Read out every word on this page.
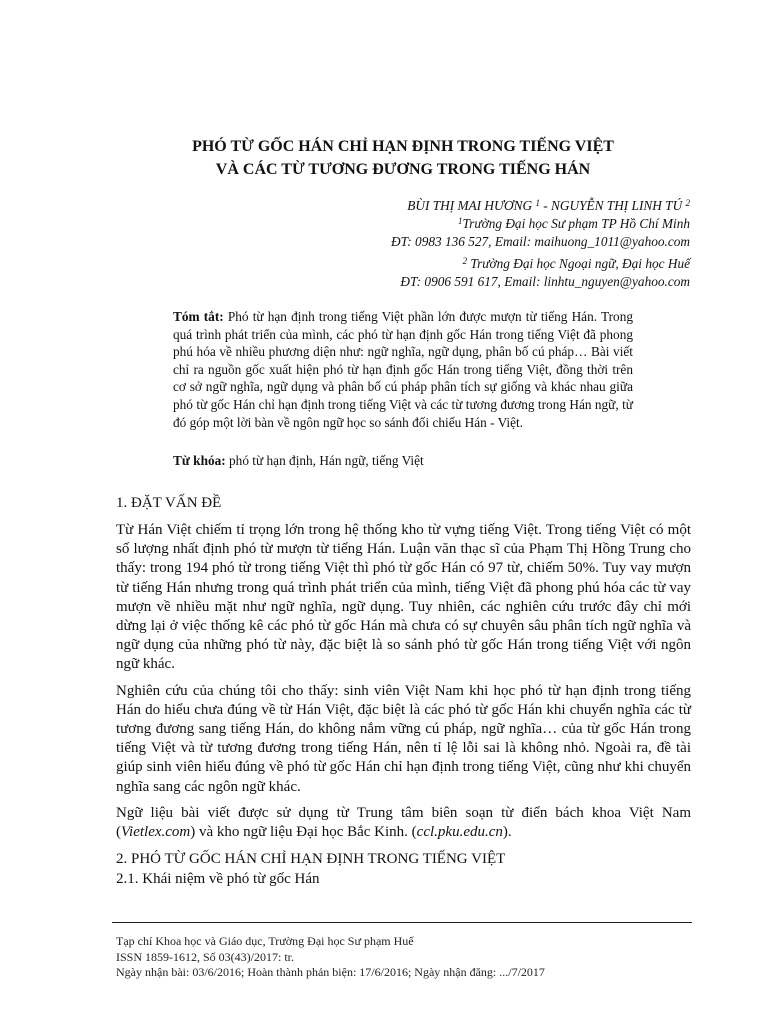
PHÓ TỪ GỐC HÁN CHỈ HẠN ĐỊNH TRONG TIẾNG VIỆT
VÀ CÁC TỪ TƯƠNG ĐƯƠNG TRONG TIẾNG HÁN
BÙI THỊ MAI HƯƠNG $^1$ - NGUYỄN THỊ LINH TÚ $^2$
$^1$Trường Đại học Sư phạm TP Hồ Chí Minh
ĐT: 0983 136 527, Email: maihuong_1011@yahoo.com
$^2$ Trường Đại học Ngoại ngữ, Đại học Huế
ĐT: 0906 591 617, Email: linhtu_nguyen@yahoo.com

Tóm tắt: Phó từ hạn định trong tiếng Việt phần lớn được mượn từ tiếng Hán. Trong quá trình phát triển của mình, các phó từ hạn định gốc Hán trong tiếng Việt đã phong phú hóa về nhiều phương diện như: ngữ nghĩa, ngữ dụng, phân bố cú pháp… Bài viết chỉ ra nguồn gốc xuất hiện phó từ hạn định gốc Hán trong tiếng Việt, đồng thời trên cơ sở ngữ nghĩa, ngữ dụng và phân bố cú pháp phân tích sự giống và khác nhau giữa phó từ gốc Hán chỉ hạn định trong tiếng Việt và các từ tương đương trong Hán ngữ, từ đó góp một lời bàn về ngôn ngữ học so sánh đối chiếu Hán - Việt.

Từ khóa: phó từ hạn định, Hán ngữ, tiếng Việt

1. ĐẶT VẤN ĐỀ

Từ Hán Việt chiếm tỉ trọng lớn trong hệ thống kho từ vựng tiếng Việt. Trong tiếng Việt có một số lượng nhất định phó từ mượn từ tiếng Hán. Luận văn thạc sĩ của Phạm Thị Hồng Trung cho thấy: trong 194 phó từ trong tiếng Việt thì phó từ gốc Hán có 97 từ, chiếm 50%. Tuy vay mượn từ tiếng Hán nhưng trong quá trình phát triển của mình, tiếng Việt đã phong phú hóa các từ vay mượn về nhiều mặt như ngữ nghĩa, ngữ dụng. Tuy nhiên, các nghiên cứu trước đây chỉ mới dừng lại ở việc thống kê các phó từ gốc Hán mà chưa có sự chuyên sâu phân tích ngữ nghĩa và ngữ dụng của những phó từ này, đặc biệt là so sánh phó từ gốc Hán trong tiếng Việt với ngôn ngữ khác.

Nghiên cứu của chúng tôi cho thấy: sinh viên Việt Nam khi học phó từ hạn định trong tiếng Hán do hiểu chưa đúng về từ Hán Việt, đặc biệt là các phó từ gốc Hán khi chuyển nghĩa các từ tương đương sang tiếng Hán, do không nắm vững cú pháp, ngữ nghĩa… của từ gốc Hán trong tiếng Việt và từ tương đương trong tiếng Hán, nên tỉ lệ lỗi sai là không nhỏ. Ngoài ra, đề tài giúp sinh viên hiểu đúng về phó từ gốc Hán chỉ hạn định trong tiếng Việt, cũng như khi chuyển nghĩa sang các ngôn ngữ khác.

Ngữ liệu bài viết được sử dụng từ Trung tâm biên soạn từ điển bách khoa Việt Nam (Vietlex.com) và kho ngữ liệu Đại học Bắc Kinh. (ccl.pku.edu.cn).

2. PHÓ TỪ GỐC HÁN CHỈ HẠN ĐỊNH TRONG TIẾNG VIỆT
2.1. Khái niệm về phó từ gốc Hán
Tạp chí Khoa học và Giáo dục, Trường Đại học Sư phạm Huế
ISSN 1859-1612, Số 03(43)/2017: tr.
Ngày nhận bài: 03/6/2016; Hoàn thành phản biện: 17/6/2016; Ngày nhận đăng: .../7/2017
